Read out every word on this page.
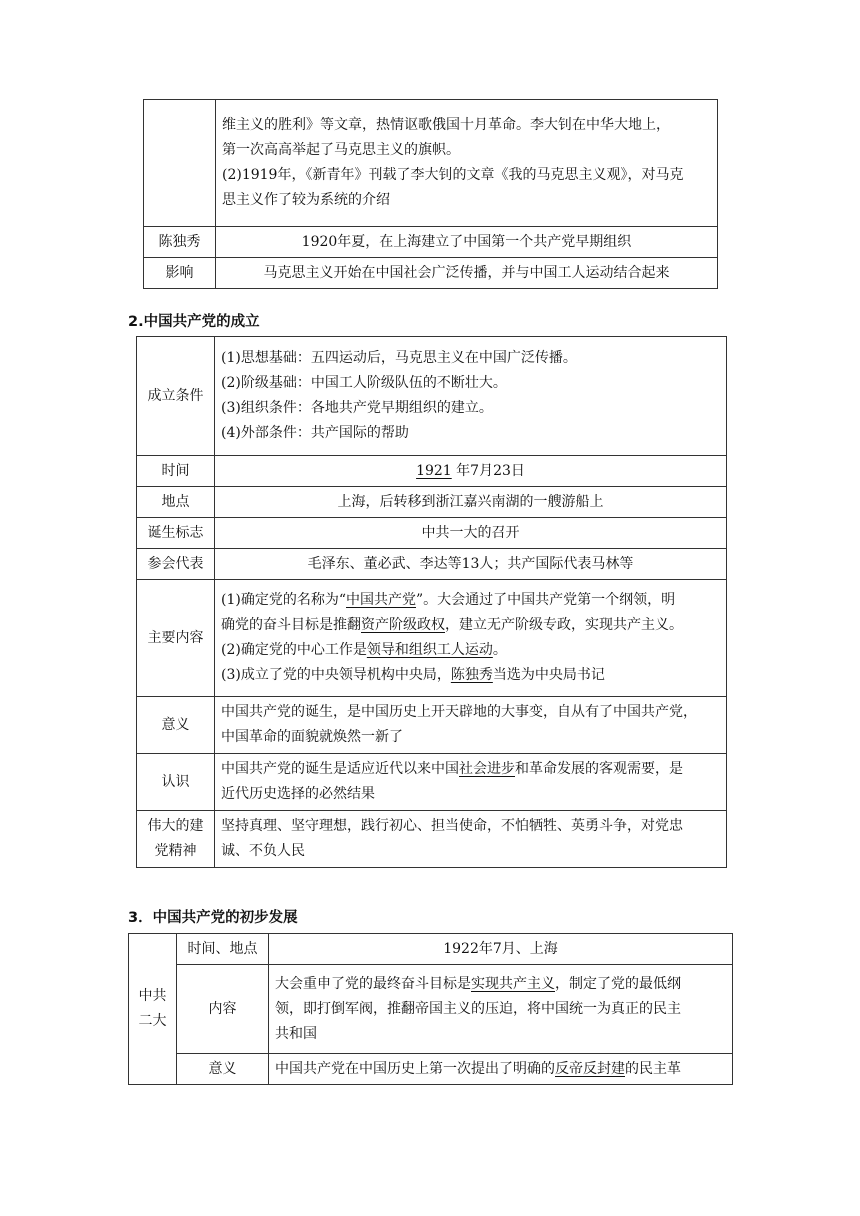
	维主义的胜利》等文章，热情讴歌俄国十月革命。李大钊在中华大地上，
第一次高高举起了马克思主义的旗帜。
(2)1919年，《新青年》刊载了李大钊的文章《我的马克思主义观》，对马克
思主义作了较为系统的介绍

陈独秀	1920年夏，在上海建立了中国第一个共产党早期组织
影响	马克思主义开始在中国社会广泛传播，并与中国工人运动结合起来
2.中国共产党的成立
成立条件	(1)思想基础：五四运动后，马克思主义在中国广泛传播。
(2)阶级基础：中国工人阶级队伍的不断壮大。
(3)组织条件：各地共产党早期组织的建立。
(4)外部条件：共产国际的帮助

时间	1921 年7月23日
地点	上海，后转移到浙江嘉兴南湖的一艘游船上
诞生标志	中共一大的召开
参会代表	毛泽东、董必武、李达等13人；共产国际代表马林等
主要内容	(1)确定党的名称为“中国共产党”。大会通过了中国共产党第一个纲领，明
确党的奋斗目标是推翻资产阶级政权，建立无产阶级专政，实现共产主义。
(2)确定党的中心工作是领导和组织工人运动。
(3)成立了党的中央领导机构中央局，陈独秀当选为中央局书记

意义	中国共产党的诞生，是中国历史上开天辟地的大事变，自从有了中国共产党，
中国革命的面貌就焕然一新了

认识	中国共产党的诞生是适应近代以来中国社会进步和革命发展的客观需要，是
近代历史选择的必然结果

伟大的建
党精神	坚持真理、坚守理想，践行初心、担当使命，不怕牺牲、英勇斗争，对党忠
诚、不负人民
3．中国共产党的初步发展
中共
二大	时间、地点	1922年7月、上海
	内容	大会重申了党的最终奋斗目标是实现共产主义，制定了党的最低纲
领，即打倒军阀，推翻帝国主义的压迫，将中国统一为真正的民主
共和国

	意义	中国共产党在中国历史上第一次提出了明确的反帝反封建的民主革
